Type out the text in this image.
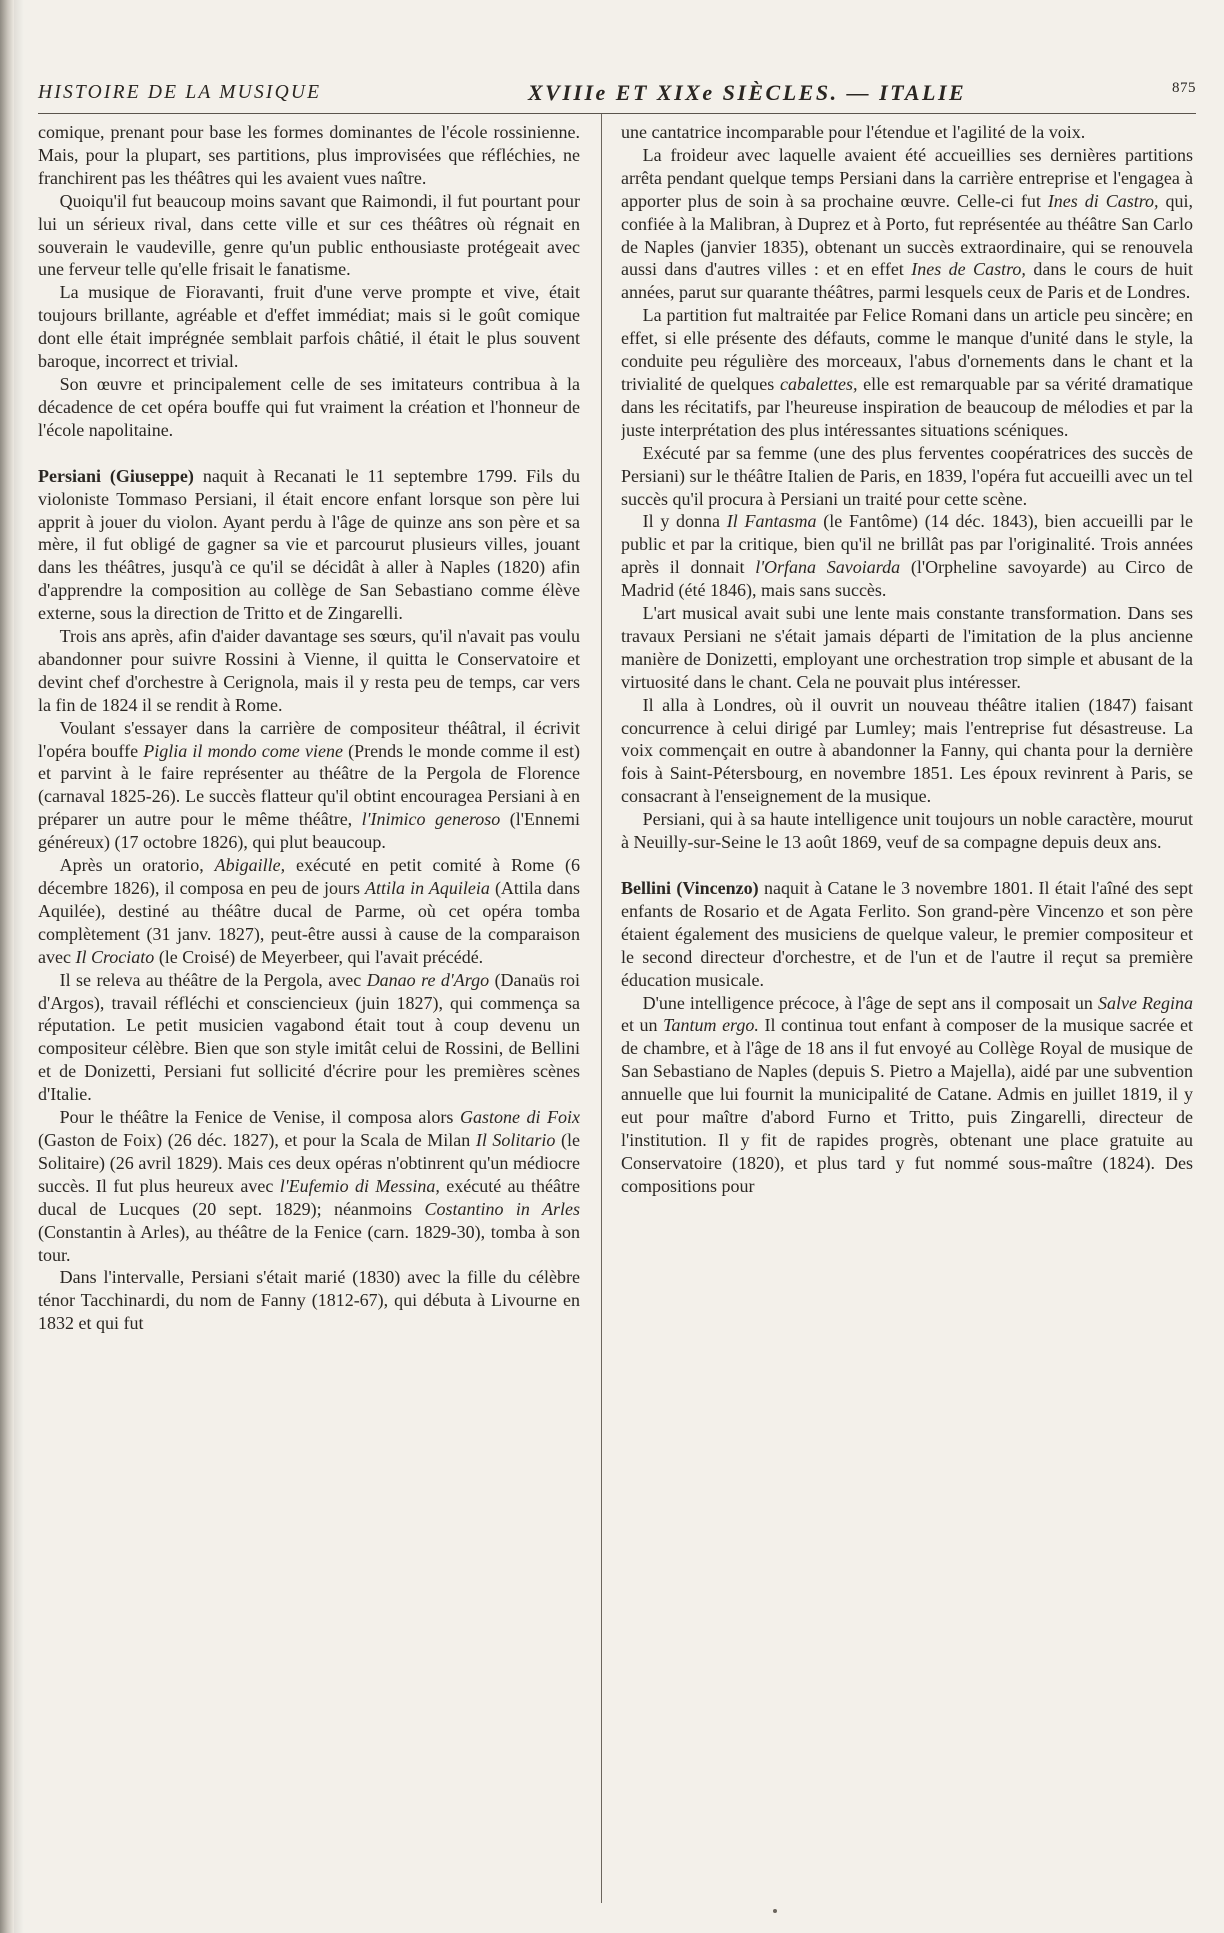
HISTOIRE DE LA MUSIQUE	XVIIIe ET XIXe SIÈCLES. — ITALIE	875

comique, prenant pour base les formes dominantes de l'école rossinienne. Mais, pour la plupart, ses partitions, plus improvisées que réfléchies, ne franchirent pas les théâtres qui les avaient vues naître.

Quoiqu'il fut beaucoup moins savant que Raimondi, il fut pourtant pour lui un sérieux rival, dans cette ville et sur ces théâtres où régnait en souverain le vaudeville, genre qu'un public enthousiaste protégeait avec une ferveur telle qu'elle frisait le fanatisme.

La musique de Fioravanti, fruit d'une verve prompte et vive, était toujours brillante, agréable et d'effet immédiat; mais si le goût comique dont elle était imprégnée semblait parfois châtié, il était le plus souvent baroque, incorrect et trivial.

Son œuvre et principalement celle de ses imitateurs contribua à la décadence de cet opéra bouffe qui fut vraiment la création et l'honneur de l'école napolitaine.

Persiani (Giuseppe) naquit à Recanati le 11 septembre 1799. Fils du violoniste Tommaso Persiani, il était encore enfant lorsque son père lui apprit à jouer du violon. Ayant perdu à l'âge de quinze ans son père et sa mère, il fut obligé de gagner sa vie et parcourut plusieurs villes, jouant dans les théâtres, jusqu'à ce qu'il se décidât à aller à Naples (1820) afin d'apprendre la composition au collège de San Sebastiano comme élève externe, sous la direction de Tritto et de Zingarelli.

Trois ans après, afin d'aider davantage ses sœurs, qu'il n'avait pas voulu abandonner pour suivre Rossini à Vienne, il quitta le Conservatoire et devint chef d'orchestre à Cerignola, mais il y resta peu de temps, car vers la fin de 1824 il se rendit à Rome.

Voulant s'essayer dans la carrière de compositeur théâtral, il écrivit l'opéra bouffe Piglia il mondo come viene (Prends le monde comme il est) et parvint à le faire représenter au théâtre de la Pergola de Florence (carnaval 1825-26). Le succès flatteur qu'il obtint encouragea Persiani à en préparer un autre pour le même théâtre, l'Inimico generoso (l'Ennemi généreux) (17 octobre 1826), qui plut beaucoup.

Après un oratorio, Abigaille, exécuté en petit comité à Rome (6 décembre 1826), il composa en peu de jours Attila in Aquileia (Attila dans Aquilée), destiné au théâtre ducal de Parme, où cet opéra tomba complètement (31 janv. 1827), peut-être aussi à cause de la comparaison avec Il Crociato (le Croisé) de Meyerbeer, qui l'avait précédé.

Il se releva au théâtre de la Pergola, avec Danao re d'Argo (Danaüs roi d'Argos), travail réfléchi et consciencieux (juin 1827), qui commença sa réputation. Le petit musicien vagabond était tout à coup devenu un compositeur célèbre. Bien que son style imitât celui de Rossini, de Bellini et de Donizetti, Persiani fut sollicité d'écrire pour les premières scènes d'Italie.

Pour le théâtre la Fenice de Venise, il composa alors Gastone di Foix (Gaston de Foix) (26 déc. 1827), et pour la Scala de Milan Il Solitario (le Solitaire) (26 avril 1829). Mais ces deux opéras n'obtinrent qu'un médiocre succès. Il fut plus heureux avec l'Eufemio di Messina, exécuté au théâtre ducal de Lucques (20 sept. 1829); néanmoins Costantino in Arles (Constantin à Arles), au théâtre de la Fenice (carn. 1829-30), tomba à son tour.

Dans l'intervalle, Persiani s'était marié (1830) avec la fille du célèbre ténor Tacchinardi, du nom de Fanny (1812-67), qui débuta à Livourne en 1832 et qui fut

une cantatrice incomparable pour l'étendue et l'agilité de la voix.

La froideur avec laquelle avaient été accueillies ses dernières partitions arrêta pendant quelque temps Persiani dans la carrière entreprise et l'engagea à apporter plus de soin à sa prochaine œuvre. Celle-ci fut Ines di Castro, qui, confiée à la Malibran, à Duprez et à Porto, fut représentée au théâtre San Carlo de Naples (janvier 1835), obtenant un succès extraordinaire, qui se renouvela aussi dans d'autres villes : et en effet Ines de Castro, dans le cours de huit années, parut sur quarante théâtres, parmi lesquels ceux de Paris et de Londres.

La partition fut maltraitée par Felice Romani dans un article peu sincère; en effet, si elle présente des défauts, comme le manque d'unité dans le style, la conduite peu régulière des morceaux, l'abus d'ornements dans le chant et la trivialité de quelques cabalettes, elle est remarquable par sa vérité dramatique dans les récitatifs, par l'heureuse inspiration de beaucoup de mélodies et par la juste interprétation des plus intéressantes situations scéniques.

Exécuté par sa femme (une des plus ferventes coopératrices des succès de Persiani) sur le théâtre Italien de Paris, en 1839, l'opéra fut accueilli avec un tel succès qu'il procura à Persiani un traité pour cette scène.

Il y donna Il Fantasma (le Fantôme) (14 déc. 1843), bien accueilli par le public et par la critique, bien qu'il ne brillât pas par l'originalité. Trois années après il donnait l'Orfana Savoiarda (l'Orpheline savoyarde) au Circo de Madrid (été 1846), mais sans succès.

L'art musical avait subi une lente mais constante transformation. Dans ses travaux Persiani ne s'était jamais départi de l'imitation de la plus ancienne manière de Donizetti, employant une orchestration trop simple et abusant de la virtuosité dans le chant. Cela ne pouvait plus intéresser.

Il alla à Londres, où il ouvrit un nouveau théâtre italien (1847) faisant concurrence à celui dirigé par Lumley; mais l'entreprise fut désastreuse. La voix commençait en outre à abandonner la Fanny, qui chanta pour la dernière fois à Saint-Pétersbourg, en novembre 1851. Les époux revinrent à Paris, se consacrant à l'enseignement de la musique.

Persiani, qui à sa haute intelligence unit toujours un noble caractère, mourut à Neuilly-sur-Seine le 13 août 1869, veuf de sa compagne depuis deux ans.

Bellini (Vincenzo) naquit à Catane le 3 novembre 1801. Il était l'aîné des sept enfants de Rosario et de Agata Ferlito. Son grand-père Vincenzo et son père étaient également des musiciens de quelque valeur, le premier compositeur et le second directeur d'orchestre, et de l'un et de l'autre il reçut sa première éducation musicale.

D'une intelligence précoce, à l'âge de sept ans il composait un Salve Regina et un Tantum ergo. Il continua tout enfant à composer de la musique sacrée et de chambre, et à l'âge de 18 ans il fut envoyé au Collège Royal de musique de San Sebastiano de Naples (depuis S. Pietro a Majella), aidé par une subvention annuelle que lui fournit la municipalité de Catane. Admis en juillet 1819, il y eut pour maître d'abord Furno et Tritto, puis Zingarelli, directeur de l'institution. Il y fit de rapides progrès, obtenant une place gratuite au Conservatoire (1820), et plus tard y fut nommé sous-maître (1824). Des compositions pour
